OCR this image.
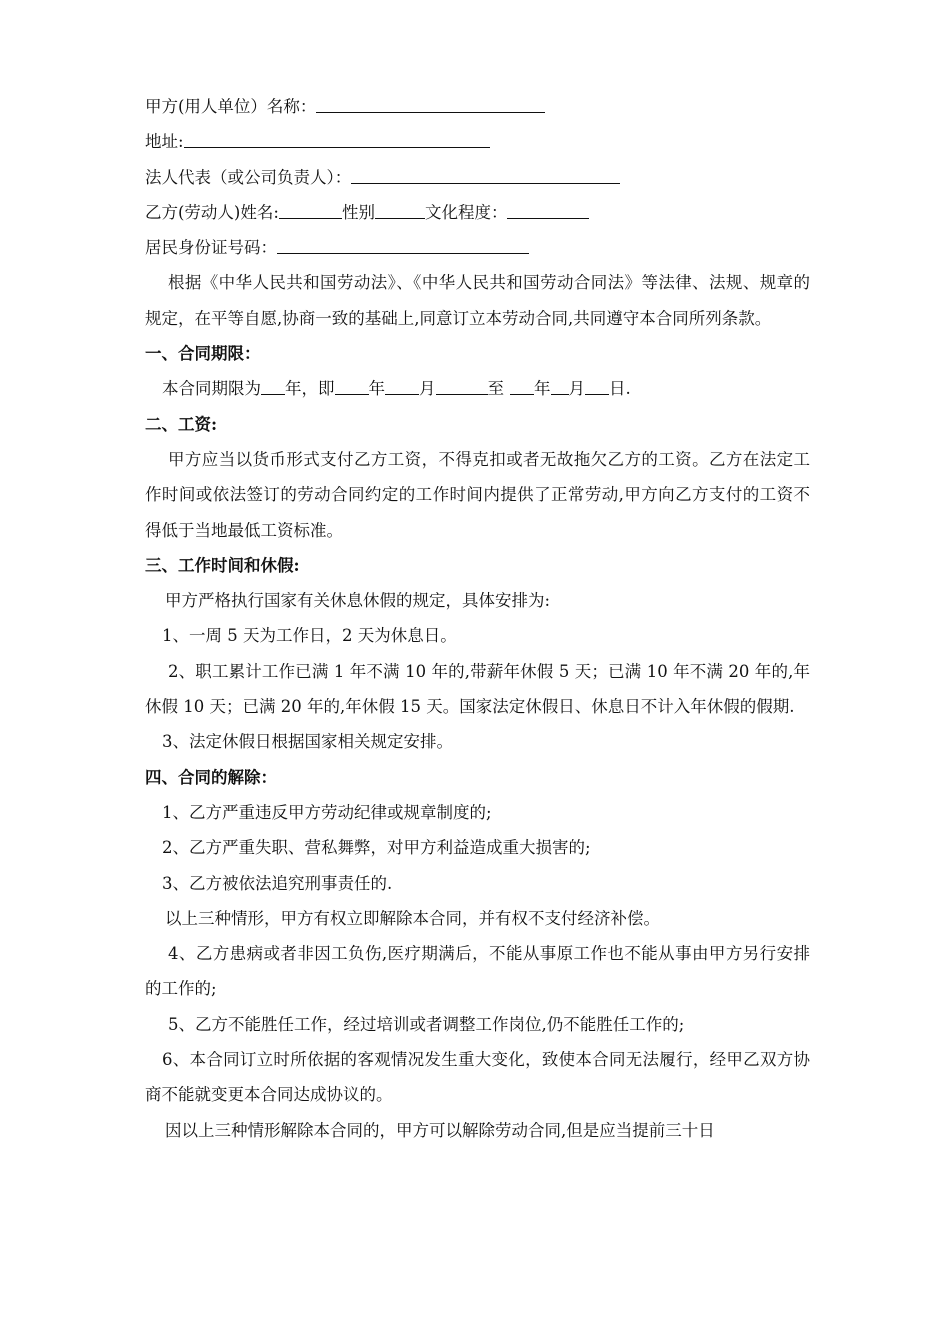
甲方(用人单位）名称：
地址:
法人代表（或公司负责人）：
乙方(劳动人)姓名:	性别	文化程度：
居民身份证号码：
根据《中华人民共和国劳动法》、《中华人民共和国劳动合同法》等法律、法规、规章的规定，在平等自愿,协商一致的基础上,同意订立本劳动合同,共同遵守本合同所列条款。
一、合同期限：
本合同期限为 年，即 年 月	至 年 月 日.
二、工资:
甲方应当以货币形式支付乙方工资，不得克扣或者无故拖欠乙方的工资。乙方在法定工作时间或依法签订的劳动合同约定的工作时间内提供了正常劳动,甲方向乙方支付的工资不得低于当地最低工资标准。
三、工作时间和休假:
甲方严格执行国家有关休息休假的规定，具体安排为:
1、一周 5 天为工作日，2 天为休息日。
2、职工累计工作已满 1 年不满 10 年的,带薪年休假 5 天；已满 10 年不满 20 年的,年休假 10 天；已满 20 年的,年休假 15 天。国家法定休假日、休息日不计入年休假的假期.
3、法定休假日根据国家相关规定安排。
四、合同的解除：
1、乙方严重违反甲方劳动纪律或规章制度的;
2、乙方严重失职、营私舞弊，对甲方利益造成重大损害的;
3、乙方被依法追究刑事责任的.
以上三种情形，甲方有权立即解除本合同，并有权不支付经济补偿。
4、乙方患病或者非因工负伤,医疗期满后，不能从事原工作也不能从事由甲方另行安排的工作的;
5、乙方不能胜任工作，经过培训或者调整工作岗位,仍不能胜任工作的;
6、本合同订立时所依据的客观情况发生重大变化，致使本合同无法履行，经甲乙双方协商不能就变更本合同达成协议的。
因以上三种情形解除本合同的，甲方可以解除劳动合同,但是应当提前三十日
